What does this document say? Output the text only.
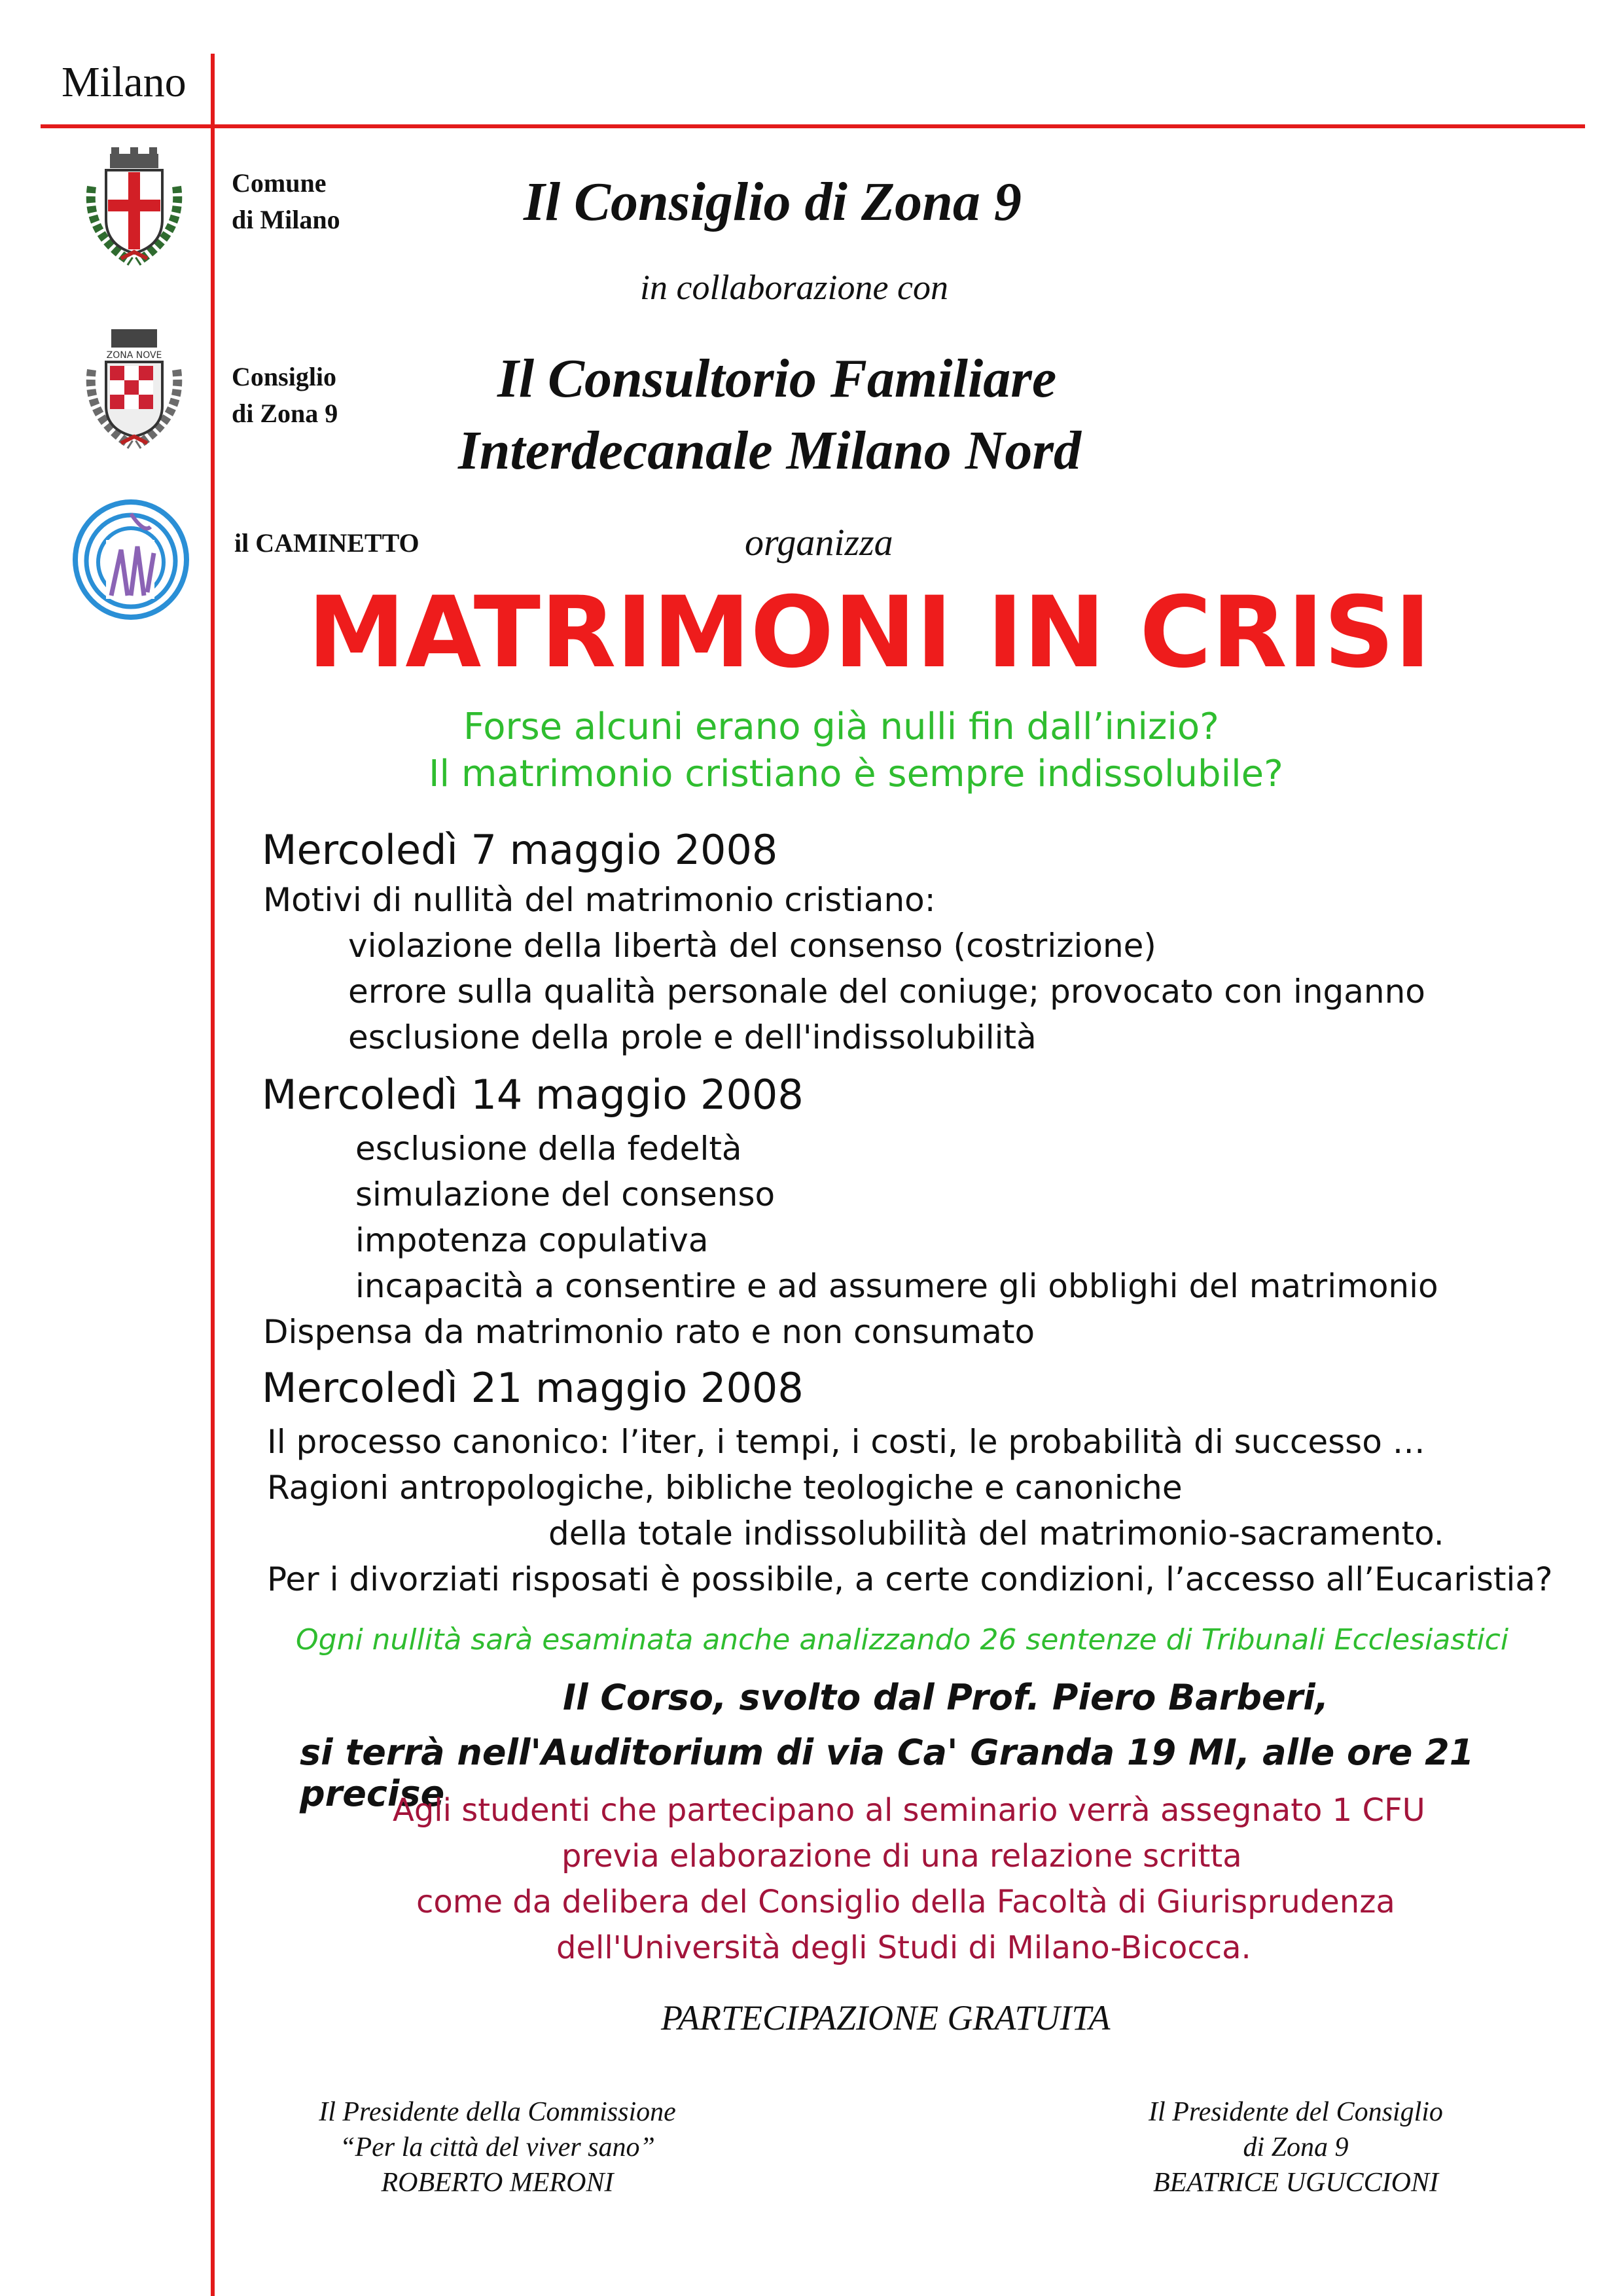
Milano
Comune
di Milano
ZONA NOVE
Consiglio
di Zona 9
il CAMINETTO
Il Consiglio di Zona 9
in collaborazione con
Il Consultorio Familiare
Interdecanale Milano Nord
organizza
MATRIMONI IN CRISI
Forse alcuni erano già nulli fin dall’inizio?
Il matrimonio cristiano è sempre indissolubile?
Mercoledì 7 maggio 2008
Motivi di nullità del matrimonio cristiano:
violazione della libertà del consenso (costrizione)
errore sulla qualità personale del coniuge; provocato con inganno
esclusione della prole e dell'indissolubilità
Mercoledì 14 maggio 2008
esclusione della fedeltà
simulazione del consenso
impotenza copulativa
incapacità a consentire e ad assumere gli obblighi del matrimonio
Dispensa da matrimonio rato e non consumato
Mercoledì 21 maggio 2008
Il processo canonico: l’iter, i tempi, i costi, le probabilità di successo …
Ragioni antropologiche, bibliche teologiche e canoniche
della totale indissolubilità del matrimonio-sacramento.
Per i divorziati risposati è possibile, a certe condizioni, l’accesso all’Eucaristia?
Ogni nullità sarà esaminata anche analizzando 26 sentenze di Tribunali Ecclesiastici
Il Corso, svolto dal Prof. Piero Barberi,
si terrà nell'Auditorium di via Ca' Granda 19 MI, alle ore 21 precise
Agli studenti che partecipano al seminario verrà assegnato 1 CFU
previa elaborazione di una relazione scritta
come da delibera del Consiglio della Facoltà di Giurisprudenza
dell'Università degli Studi di Milano-Bicocca.
PARTECIPAZIONE GRATUITA
Il Presidente della Commissione
“Per la città del viver sano”
ROBERTO MERONI
Il Presidente del Consiglio
di Zona 9
BEATRICE UGUCCIONI
